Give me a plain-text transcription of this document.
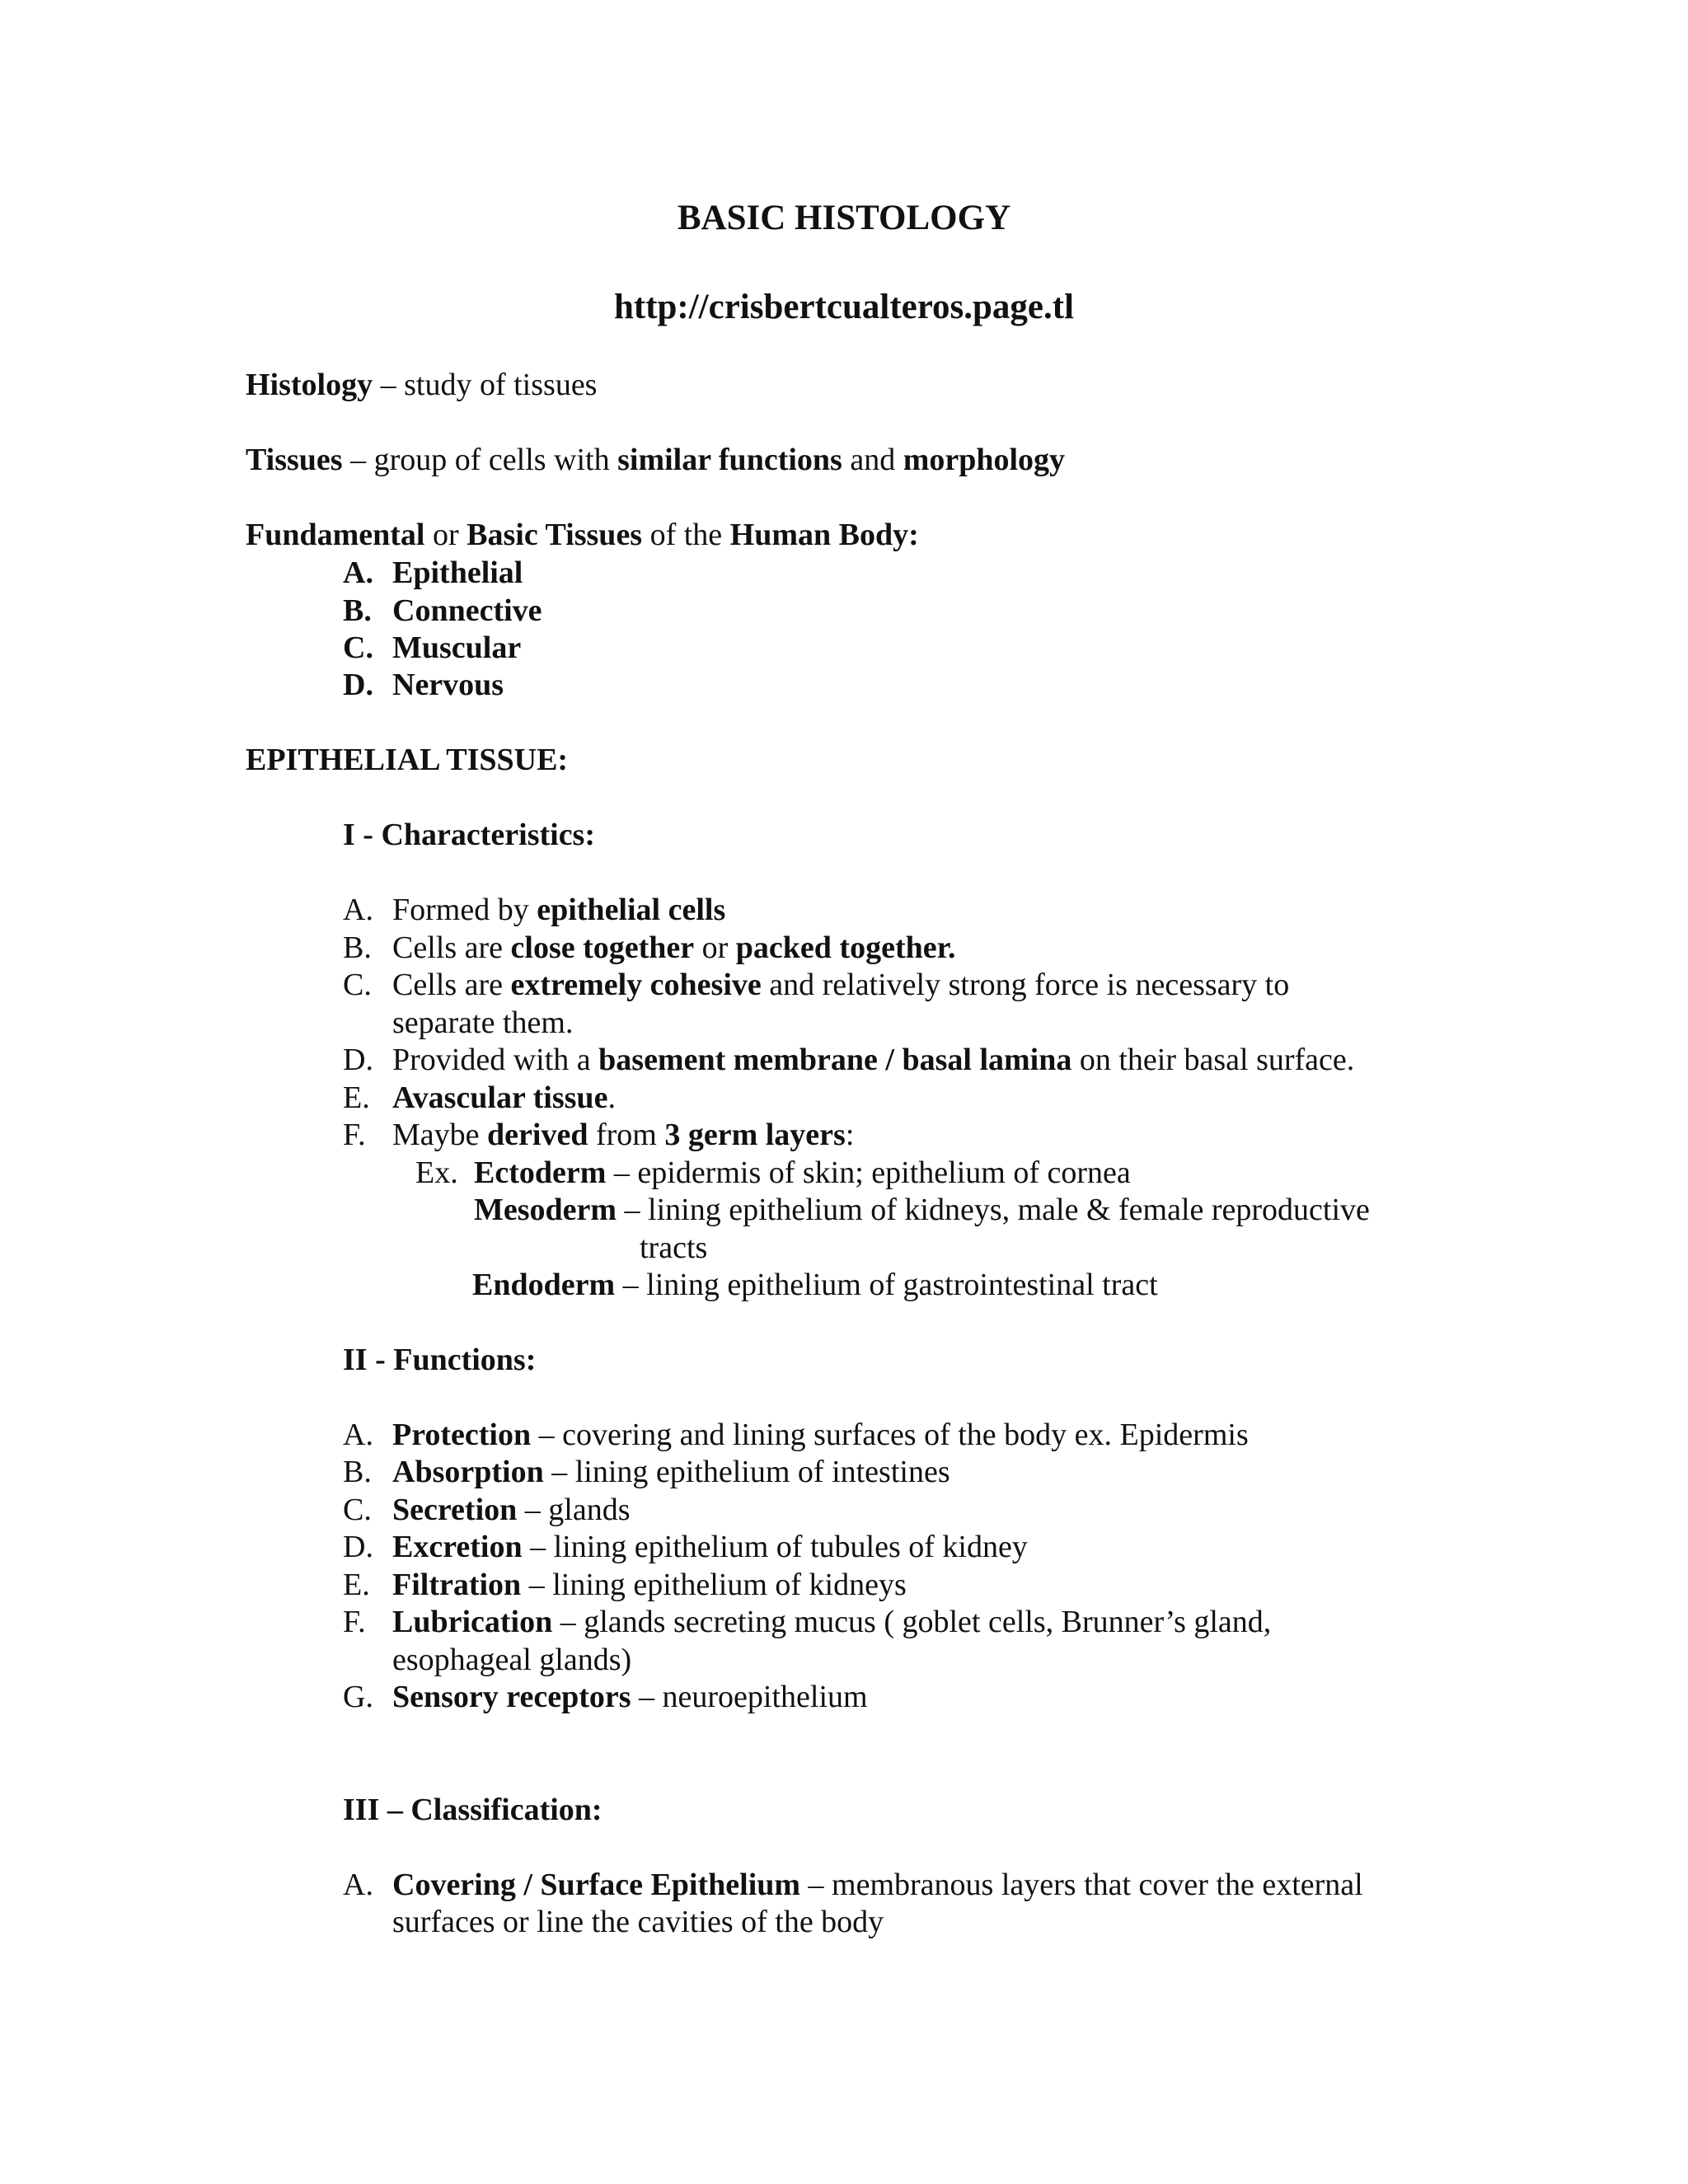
BASIC HISTOLOGY
http://crisbertcualteros.page.tl
Histology – study of tissues
Tissues – group of cells with similar functions and morphology
Fundamental or Basic Tissues of the Human Body:
A. Epithelial
B. Connective
C. Muscular
D. Nervous
EPITHELIAL TISSUE:
I - Characteristics:
A. Formed by epithelial cells
B. Cells are close together or packed together.
C. Cells are extremely cohesive and relatively strong force is necessary to
separate them.
D. Provided with a basement membrane / basal lamina on their basal surface.
E. Avascular tissue.
F. Maybe derived from 3 germ layers:
Ex. Ectoderm – epidermis of skin; epithelium of cornea
Mesoderm – lining epithelium of kidneys, male & female reproductive
tracts
Endoderm – lining epithelium of gastrointestinal tract
II - Functions:
A. Protection – covering and lining surfaces of the body ex. Epidermis
B. Absorption – lining epithelium of intestines
C. Secretion – glands
D. Excretion – lining epithelium of tubules of kidney
E. Filtration – lining epithelium of kidneys
F. Lubrication – glands secreting mucus ( goblet cells, Brunner’s gland,
esophageal glands)
G. Sensory receptors – neuroepithelium
III – Classification:
A. Covering / Surface Epithelium – membranous layers that cover the external
surfaces or line the cavities of the body
